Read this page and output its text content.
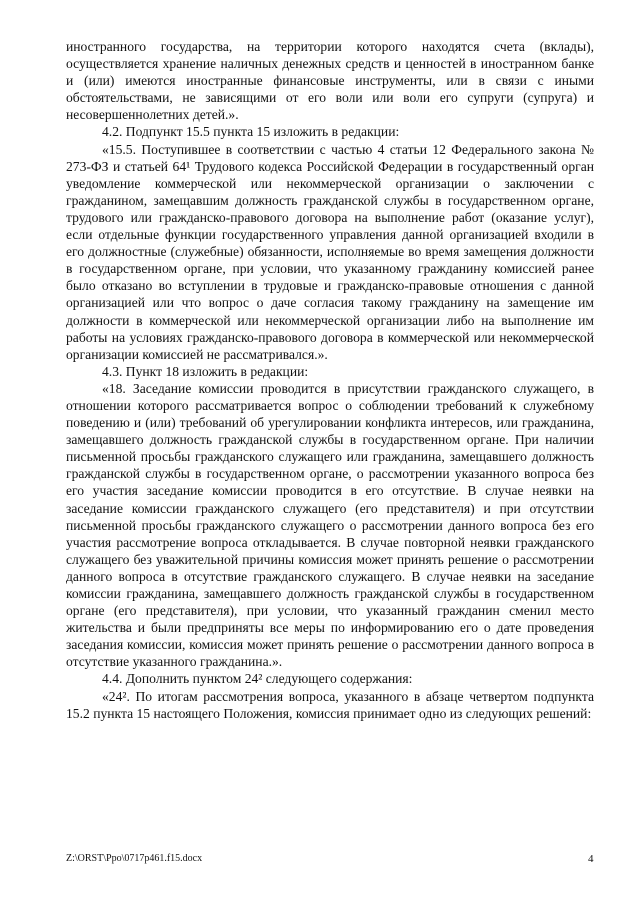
иностранного государства, на территории которого находятся счета (вклады), осуществляется хранение наличных денежных средств и ценностей в иностранном банке и (или) имеются иностранные финансовые инструменты, или в связи с иными обстоятельствами, не зависящими от его воли или воли его супруги (супруга) и несовершеннолетних детей.».

4.2. Подпункт 15.5 пункта 15 изложить в редакции:

«15.5. Поступившее в соответствии с частью 4 статьи 12 Федерального закона № 273-ФЗ и статьей 64¹ Трудового кодекса Российской Федерации в государственный орган уведомление коммерческой или некоммерческой организации о заключении с гражданином, замещавшим должность гражданской службы в государственном органе, трудового или гражданско-правового договора на выполнение работ (оказание услуг), если отдельные функции государственного управления данной организацией входили в его должностные (служебные) обязанности, исполняемые во время замещения должности в государственном органе, при условии, что указанному гражданину комиссией ранее было отказано во вступлении в трудовые и гражданско-правовые отношения с данной организацией или что вопрос о даче согласия такому гражданину на замещение им должности в коммерческой или некоммерческой организации либо на выполнение им работы на условиях гражданско-правового договора в коммерческой или некоммерческой организации комиссией не рассматривался.».

4.3. Пункт 18 изложить в редакции:

«18. Заседание комиссии проводится в присутствии гражданского служащего, в отношении которого рассматривается вопрос о соблюдении требований к служебному поведению и (или) требований об урегулировании конфликта интересов, или гражданина, замещавшего должность гражданской службы в государственном органе. При наличии письменной просьбы гражданского служащего или гражданина, замещавшего должность гражданской службы в государственном органе, о рассмотрении указанного вопроса без его участия заседание комиссии проводится в его отсутствие. В случае неявки на заседание комиссии гражданского служащего (его представителя) и при отсутствии письменной просьбы гражданского служащего о рассмотрении данного вопроса без его участия рассмотрение вопроса откладывается. В случае повторной неявки гражданского служащего без уважительной причины комиссия может принять решение о рассмотрении данного вопроса в отсутствие гражданского служащего. В случае неявки на заседание комиссии гражданина, замещавшего должность гражданской службы в государственном органе (его представителя), при условии, что указанный гражданин сменил место жительства и были предприняты все меры по информированию его о дате проведения заседания комиссии, комиссия может принять решение о рассмотрении данного вопроса в отсутствие указанного гражданина.».

4.4. Дополнить пунктом 24² следующего содержания:

«24². По итогам рассмотрения вопроса, указанного в абзаце четвертом подпункта 15.2 пункта 15 настоящего Положения, комиссия принимает одно из следующих решений:

Z:\ORST\Ppo\0717p461.f15.docx	4
